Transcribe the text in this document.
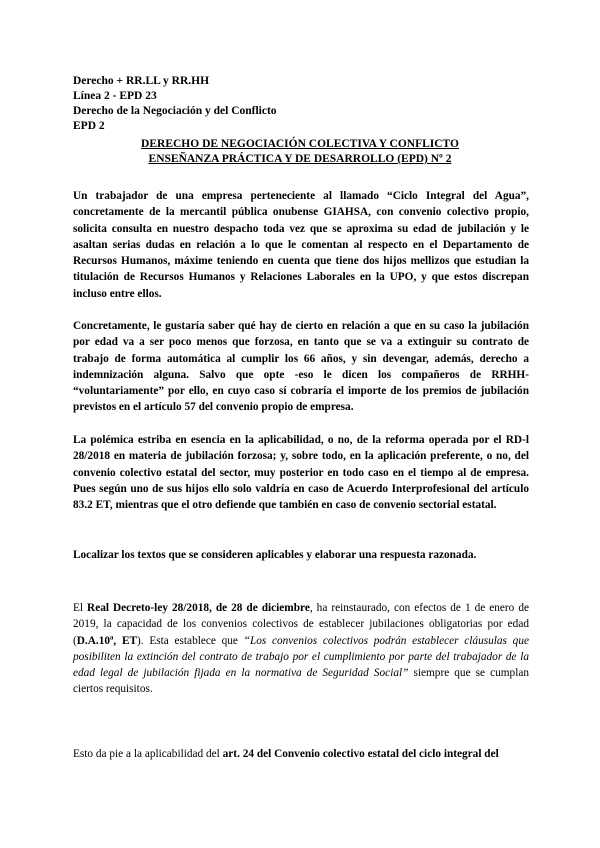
Derecho + RR.LL y RR.HH
Línea 2 - EPD 23
Derecho de la Negociación y del Conflicto
EPD 2
DERECHO DE NEGOCIACIÓN COLECTIVA Y CONFLICTO
ENSEÑANZA PRÁCTICA Y DE DESARROLLO (EPD) Nº 2

Un trabajador de una empresa perteneciente al llamado “Ciclo Integral del Agua”, concretamente de la mercantil pública onubense GIAHSA, con convenio colectivo propio, solicita consulta en nuestro despacho toda vez que se aproxima su edad de jubilación y le asaltan serias dudas en relación a lo que le comentan al respecto en el Departamento de Recursos Humanos, máxime teniendo en cuenta que tiene dos hijos mellizos que estudian la titulación de Recursos Humanos y Relaciones Laborales en la UPO, y que estos discrepan incluso entre ellos.

Concretamente, le gustaría saber qué hay de cierto en relación a que en su caso la jubilación por edad va a ser poco menos que forzosa, en tanto que se va a extinguir su contrato de trabajo de forma automática al cumplir los 66 años, y sin devengar, además, derecho a indemnización alguna. Salvo que opte -eso le dicen los compañeros de RRHH- “voluntariamente” por ello, en cuyo caso sí cobraría el importe de los premios de jubilación previstos en el artículo 57 del convenio propio de empresa.

La polémica estriba en esencia en la aplicabilidad, o no, de la reforma operada por el RD-l 28/2018 en materia de jubilación forzosa; y, sobre todo, en la aplicación preferente, o no, del convenio colectivo estatal del sector, muy posterior en todo caso en el tiempo al de empresa. Pues según uno de sus hijos ello solo valdría en caso de Acuerdo Interprofesional del artículo 83.2 ET, mientras que el otro defiende que también en caso de convenio sectorial estatal.

Localizar los textos que se consideren aplicables y elaborar una respuesta razonada.

El Real Decreto-ley 28/2018, de 28 de diciembre, ha reinstaurado, con efectos de 1 de enero de 2019, la capacidad de los convenios colectivos de establecer jubilaciones obligatorias por edad (D.A.10ª, ET). Esta establece que “Los convenios colectivos podrán establecer cláusulas que posibiliten la extinción del contrato de trabajo por el cumplimiento por parte del trabajador de la edad legal de jubilación fijada en la normativa de Seguridad Social” siempre que se cumplan ciertos requisitos.

Esto da pie a la aplicabilidad del art. 24 del Convenio colectivo estatal del ciclo integral del
